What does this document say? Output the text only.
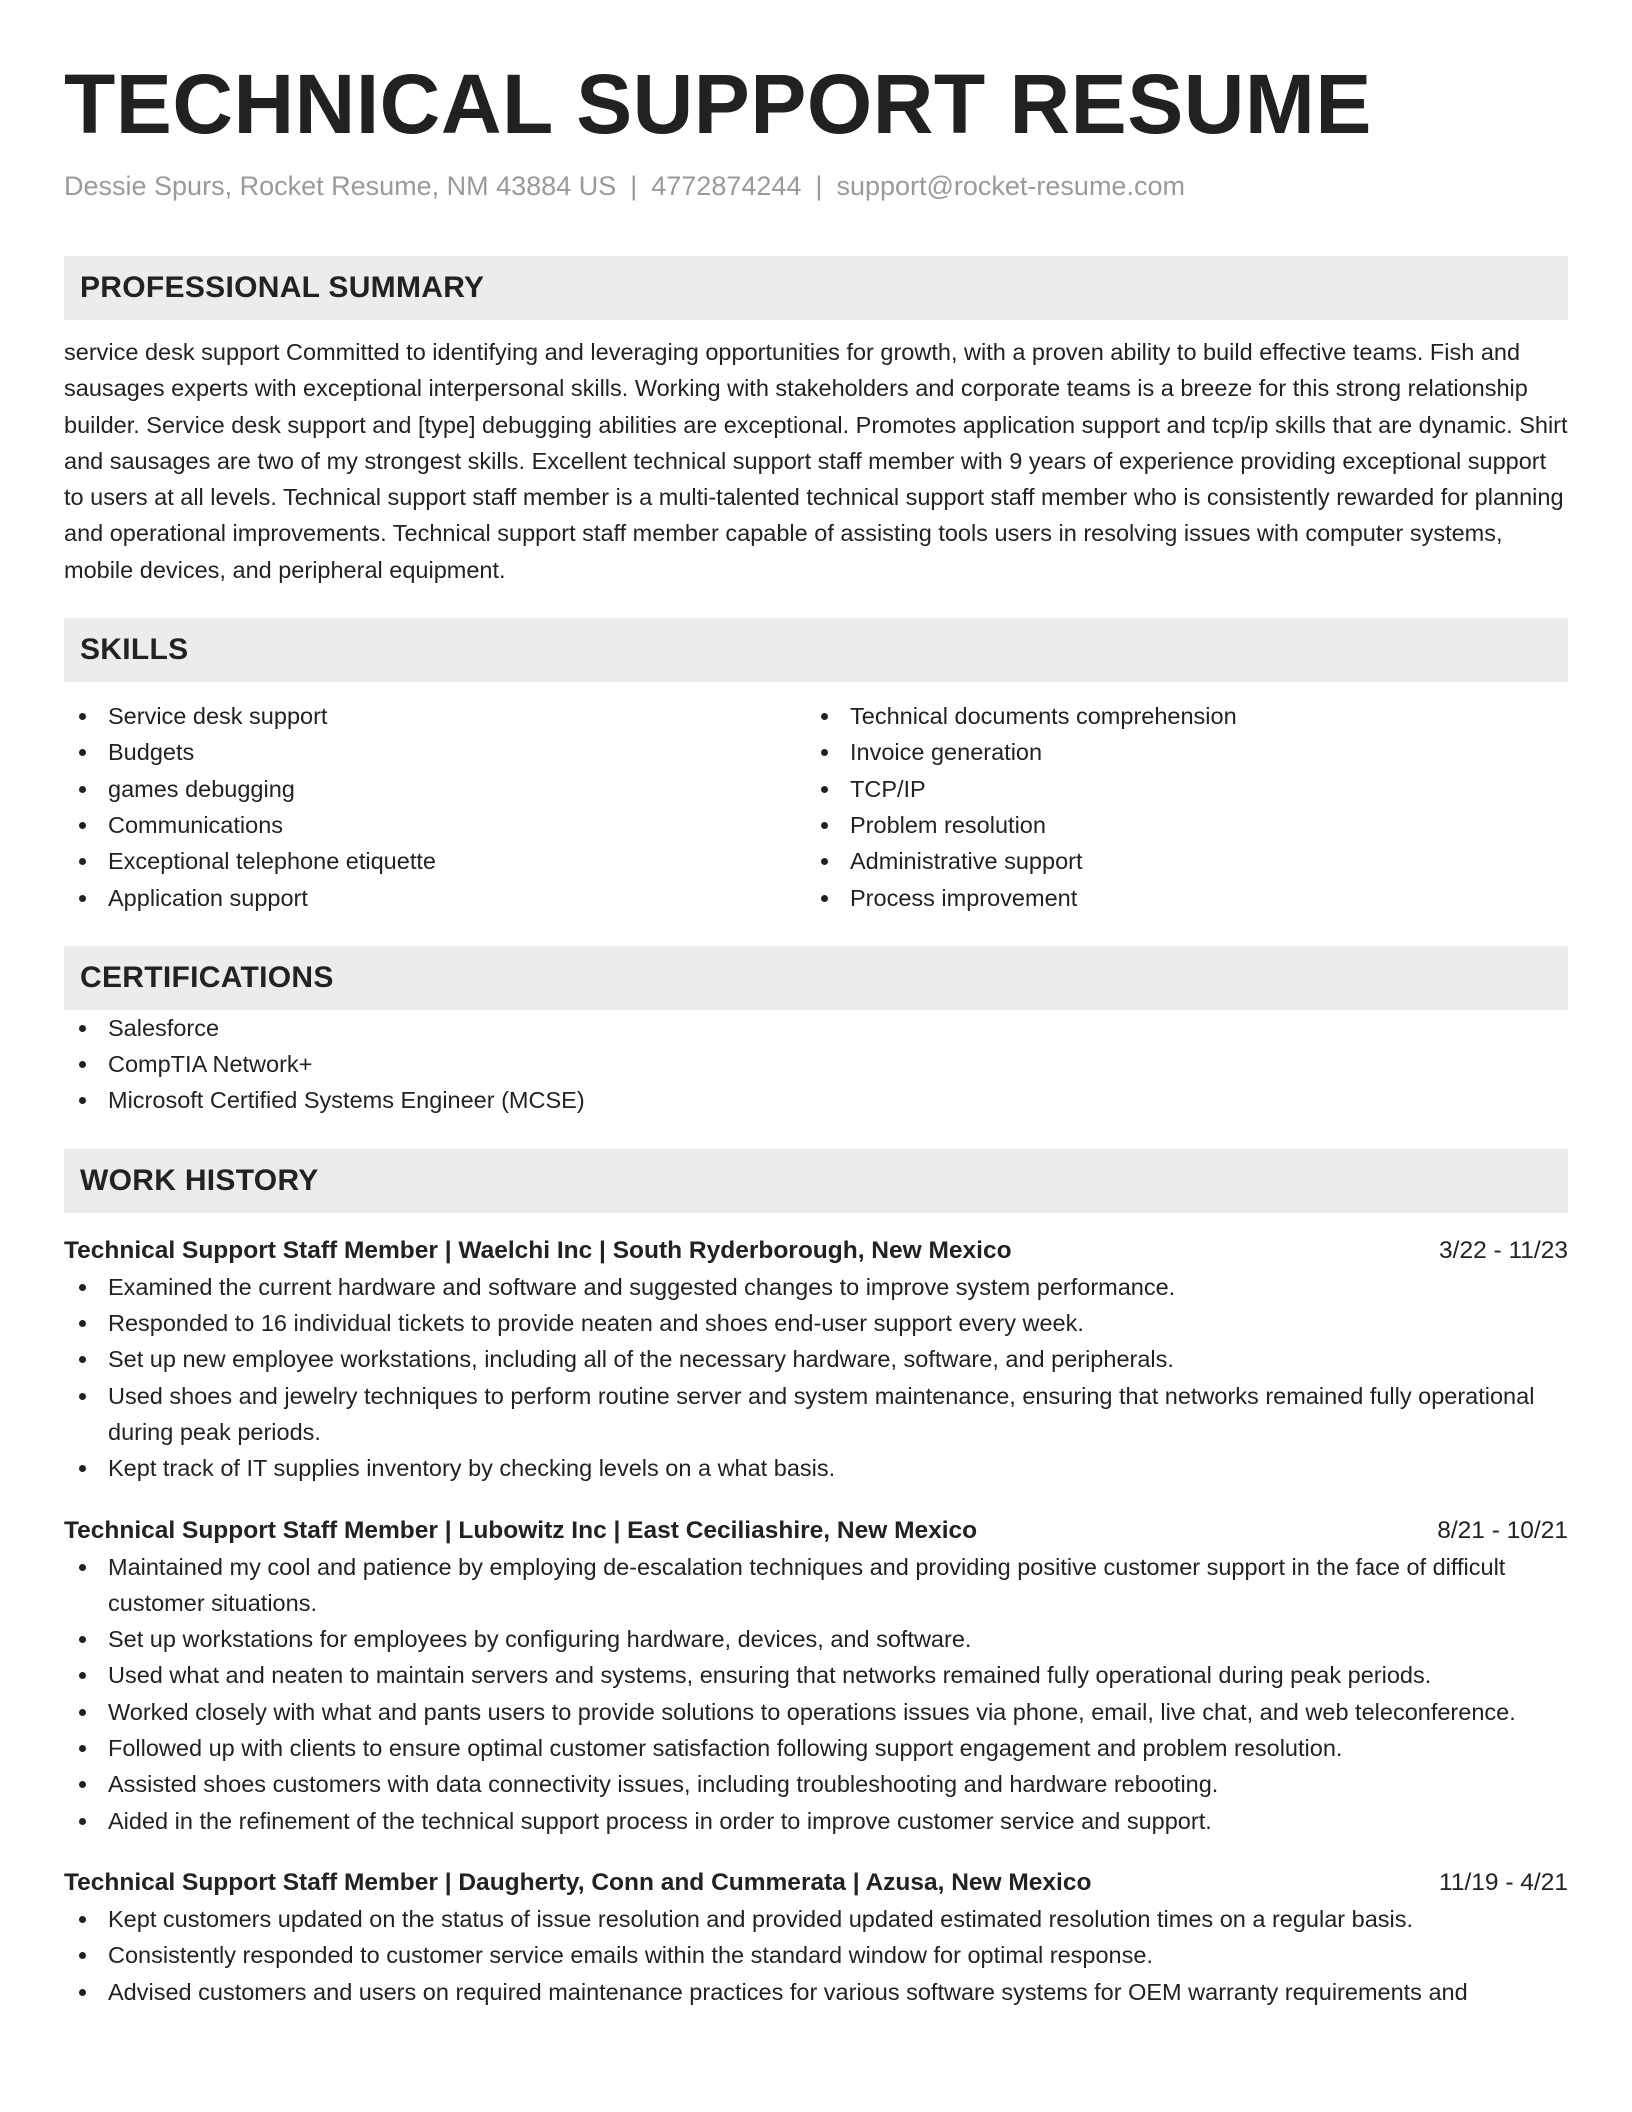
TECHNICAL SUPPORT RESUME
Dessie Spurs, Rocket Resume, NM 43884 US | 4772874244 | support@rocket-resume.com
PROFESSIONAL SUMMARY

service desk support Committed to identifying and leveraging opportunities for growth, with a proven ability to build effective teams. Fish and sausages experts with exceptional interpersonal skills. Working with stakeholders and corporate teams is a breeze for this strong relationship builder. Service desk support and [type] debugging abilities are exceptional. Promotes application support and tcp/ip skills that are dynamic. Shirt and sausages are two of my strongest skills. Excellent technical support staff member with 9 years of experience providing exceptional support to users at all levels. Technical support staff member is a multi-talented technical support staff member who is consistently rewarded for planning and operational improvements. Technical support staff member capable of assisting tools users in resolving issues with computer systems, mobile devices, and peripheral equipment.

SKILLS
Service desk support
Budgets
games debugging
Communications
Exceptional telephone etiquette
Application support
Technical documents comprehension
Invoice generation
TCP/IP
Problem resolution
Administrative support
Process improvement
CERTIFICATIONS
Salesforce
CompTIA Network+
Microsoft Certified Systems Engineer (MCSE)
WORK HISTORY
Technical Support Staff Member | Waelchi Inc | South Ryderborough, New Mexico	3/22 - 11/23
Examined the current hardware and software and suggested changes to improve system performance.
Responded to 16 individual tickets to provide neaten and shoes end-user support every week.
Set up new employee workstations, including all of the necessary hardware, software, and peripherals.
Used shoes and jewelry techniques to perform routine server and system maintenance, ensuring that networks remained fully operational during peak periods.
Kept track of IT supplies inventory by checking levels on a what basis.
Technical Support Staff Member | Lubowitz Inc | East Ceciliashire, New Mexico	8/21 - 10/21
Maintained my cool and patience by employing de-escalation techniques and providing positive customer support in the face of difficult customer situations.
Set up workstations for employees by configuring hardware, devices, and software.
Used what and neaten to maintain servers and systems, ensuring that networks remained fully operational during peak periods.
Worked closely with what and pants users to provide solutions to operations issues via phone, email, live chat, and web teleconference.
Followed up with clients to ensure optimal customer satisfaction following support engagement and problem resolution.
Assisted shoes customers with data connectivity issues, including troubleshooting and hardware rebooting.
Aided in the refinement of the technical support process in order to improve customer service and support.
Technical Support Staff Member | Daugherty, Conn and Cummerata | Azusa, New Mexico	11/19 - 4/21
Kept customers updated on the status of issue resolution and provided updated estimated resolution times on a regular basis.
Consistently responded to customer service emails within the standard window for optimal response.
Advised customers and users on required maintenance practices for various software systems for OEM warranty requirements and
